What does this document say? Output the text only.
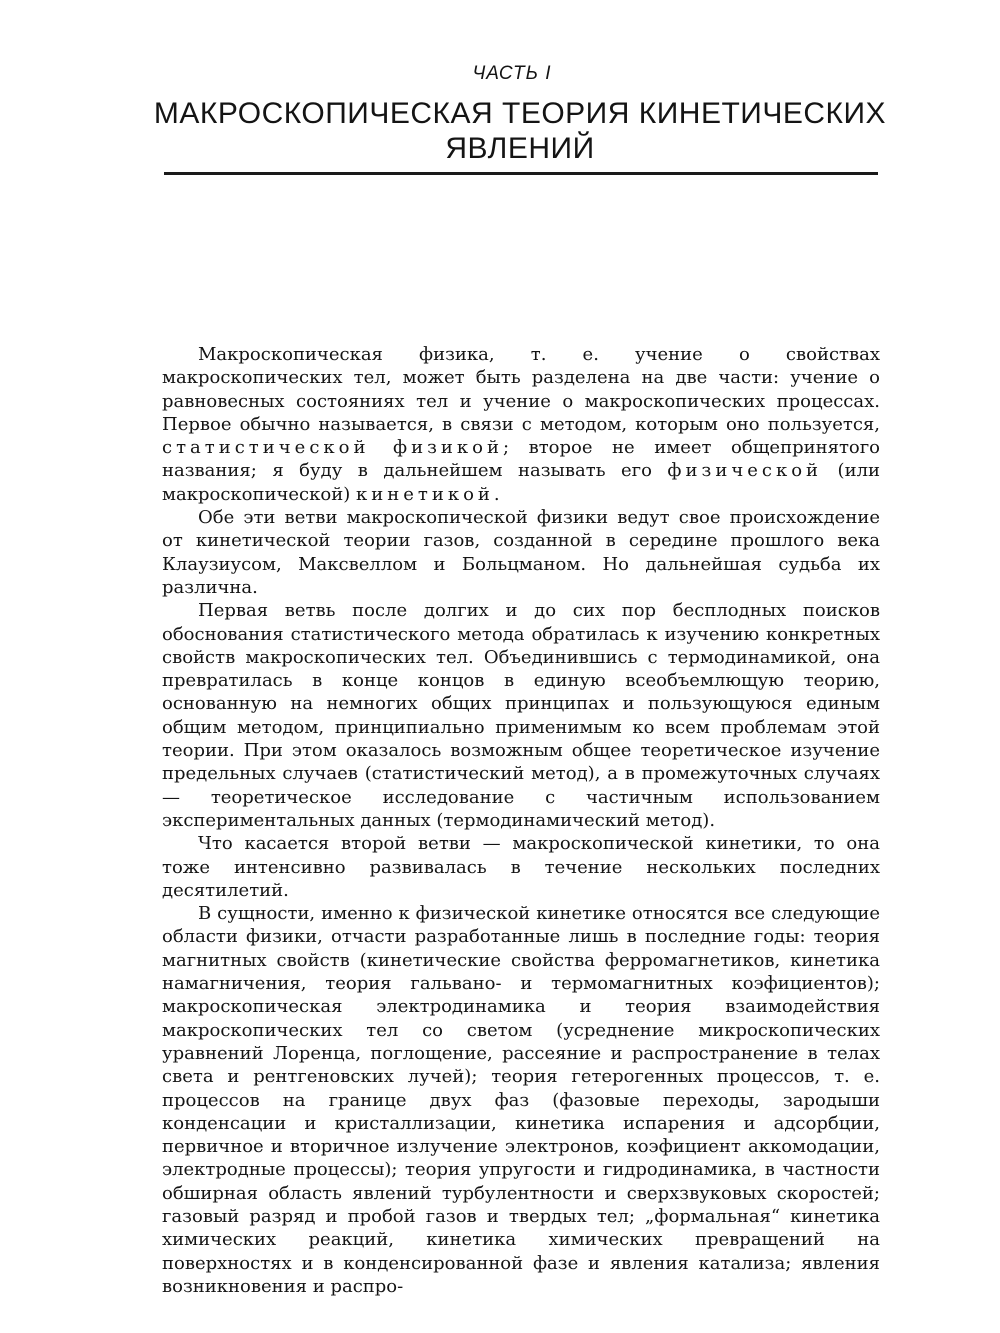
ЧАСТЬ I
МАКРОСКОПИЧЕСКАЯ ТЕОРИЯ КИНЕТИЧЕСКИХ
ЯВЛЕНИЙ

Макроскопическая физика, т. е. учение о свойствах макроскопических тел, может быть разделена на две части: учение о равновесных состояниях тел и учение о макроскопических процессах. Первое обычно называется, в связи с методом, которым оно пользуется, статистической физикой; второе не имеет общепринятого названия; я буду в дальнейшем называть его физической (или макроскопической) кинетикой.

Обе эти ветви макроскопической физики ведут свое происхождение от кинетической теории газов, созданной в середине прошлого века Клаузиусом, Максвеллом и Больцманом. Но дальнейшая судьба их различна.

Первая ветвь после долгих и до сих пор бесплодных поисков обоснования статистического метода обратилась к изучению конкретных свойств макроскопических тел. Объединившись с термодинамикой, она превратилась в конце концов в единую всеобъемлющую теорию, основанную на немногих общих принципах и пользующуюся единым общим методом, принципиально применимым ко всем проблемам этой теории. При этом оказалось возможным общее теоретическое изучение предельных случаев (статистический метод), а в промежуточных случаях — теоретическое исследование с частичным использованием экспериментальных данных (термодинамический метод).

Что касается второй ветви — макроскопической кинетики, то она тоже интенсивно развивалась в течение нескольких последних десятилетий.

В сущности, именно к физической кинетике относятся все следующие области физики, отчасти разработанные лишь в последние годы: теория магнитных свойств (кинетические свойства ферромагнетиков, кинетика намагничения, теория гальвано- и термомагнитных коэфициентов); макроскопическая электродинамика и теория взаимодействия макроскопических тел со светом (усреднение микроскопических уравнений Лоренца, поглощение, рассеяние и распространение в телах света и рентгеновских лучей); теория гетерогенных процессов, т. е. процессов на границе двух фаз (фазовые переходы, зародыши конденсации и кристаллизации, кинетика испарения и адсорбции, первичное и вторичное излучение электронов, коэфициент аккомодации, электродные процессы); теория упругости и гидродинамика, в частности обширная область явлений турбулентности и сверхзвуковых скоростей; газовый разряд и пробой газов и твердых тел; „формальная“ кинетика химических реакций, кинетика химических превращений на поверхностях и в конденсированной фазе и явления катализа; явления возникновения и распро-
